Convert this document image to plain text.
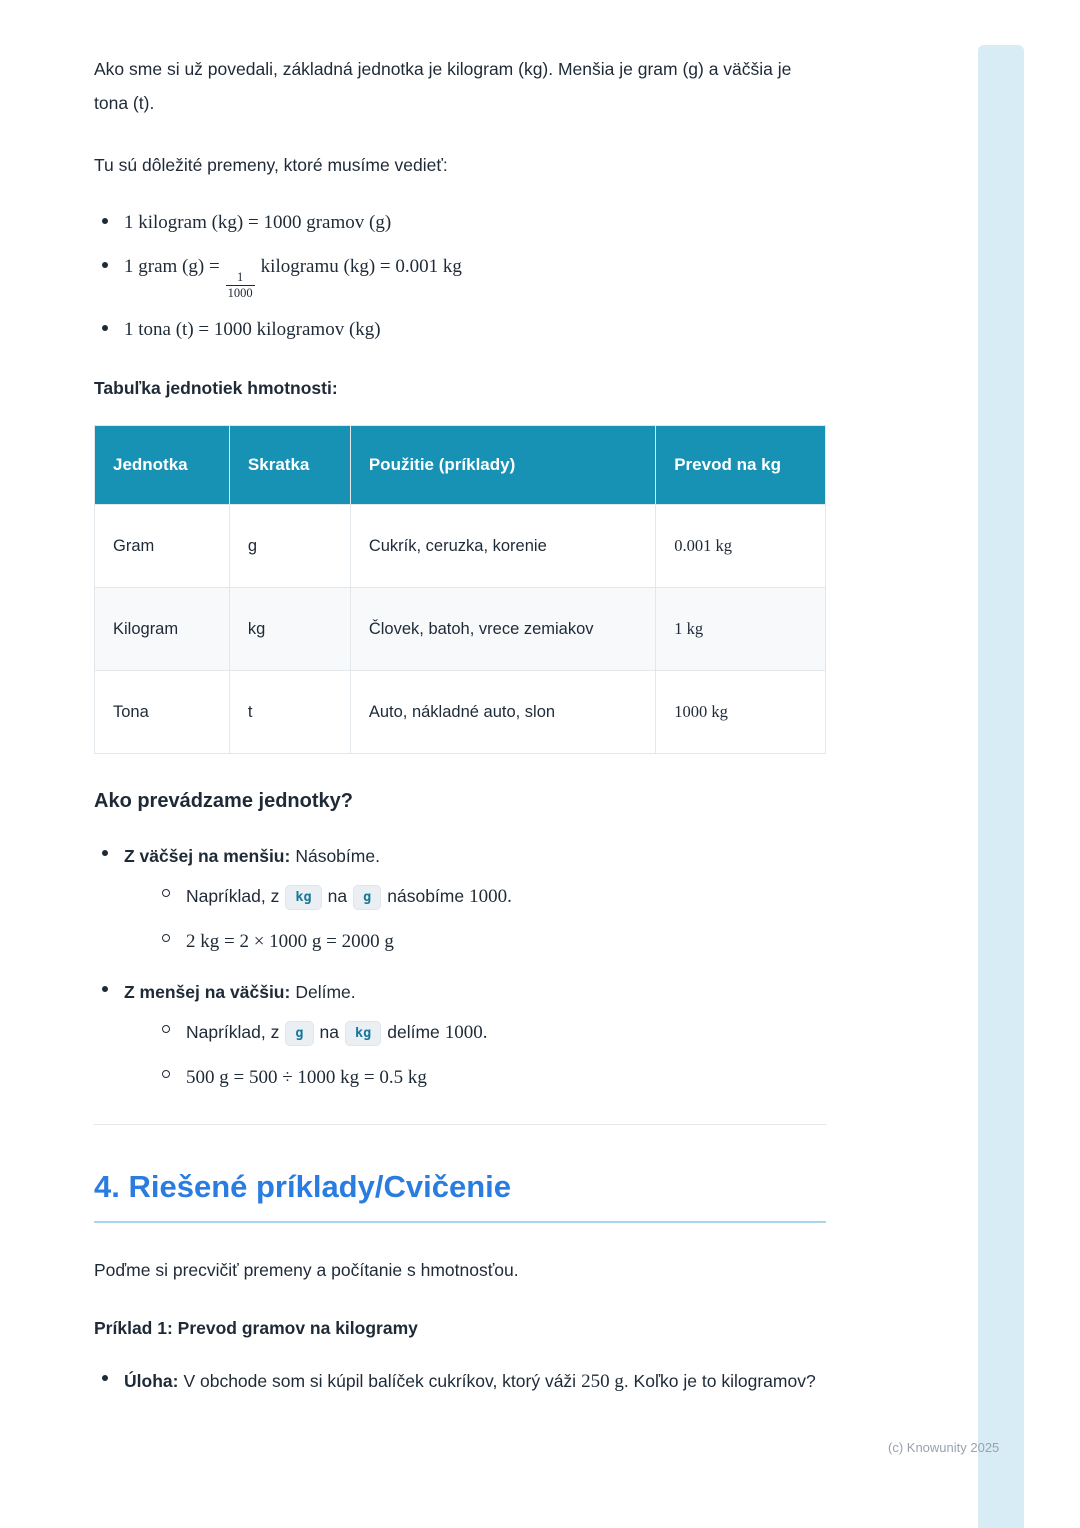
Ako sme si už povedali, základná jednotka je kilogram (kg). Menšia je gram (g) a väčšia je tona (t).

Tu sú dôležité premeny, ktoré musíme vedieť:

1 kilogram (kg) = 1000 gramov (g)
1 gram (g) =
$\frac{1}{1000}$
kilogramu (kg) = 0.001 kg
1 tona (t) = 1000 kilogramov (kg)

Tabuľka jednotiek hmotnosti:

Jednotka	Skratka	Použitie (príklady)	Prevod na kg
Gram	g	Cukrík, ceruzka, korenie	0.001 kg
Kilogram	kg	Človek, batoh, vrece zemiakov	1 kg
Tona	t	Auto, nákladné auto, slon	1000 kg
Ako prevádzame jednotky?
Z väčšej na menšiu: Násobíme.
Napríklad, z kg na g násobíme 1000.
2 kg = 2 × 1000 g = 2000 g
Z menšej na väčšiu: Delíme.
Napríklad, z g na kg delíme 1000.
500 g = 500 ÷ 1000 kg = 0.5 kg
4. Riešené príklady/Cvičenie

Poďme si precvičiť premeny a počítanie s hmotnosťou.

Príklad 1: Prevod gramov na kilogramy
Úloha: V obchode som si kúpil balíček cukríkov, ktorý váži 250 g. Koľko je to kilogramov?
(c) Knowunity 2025
